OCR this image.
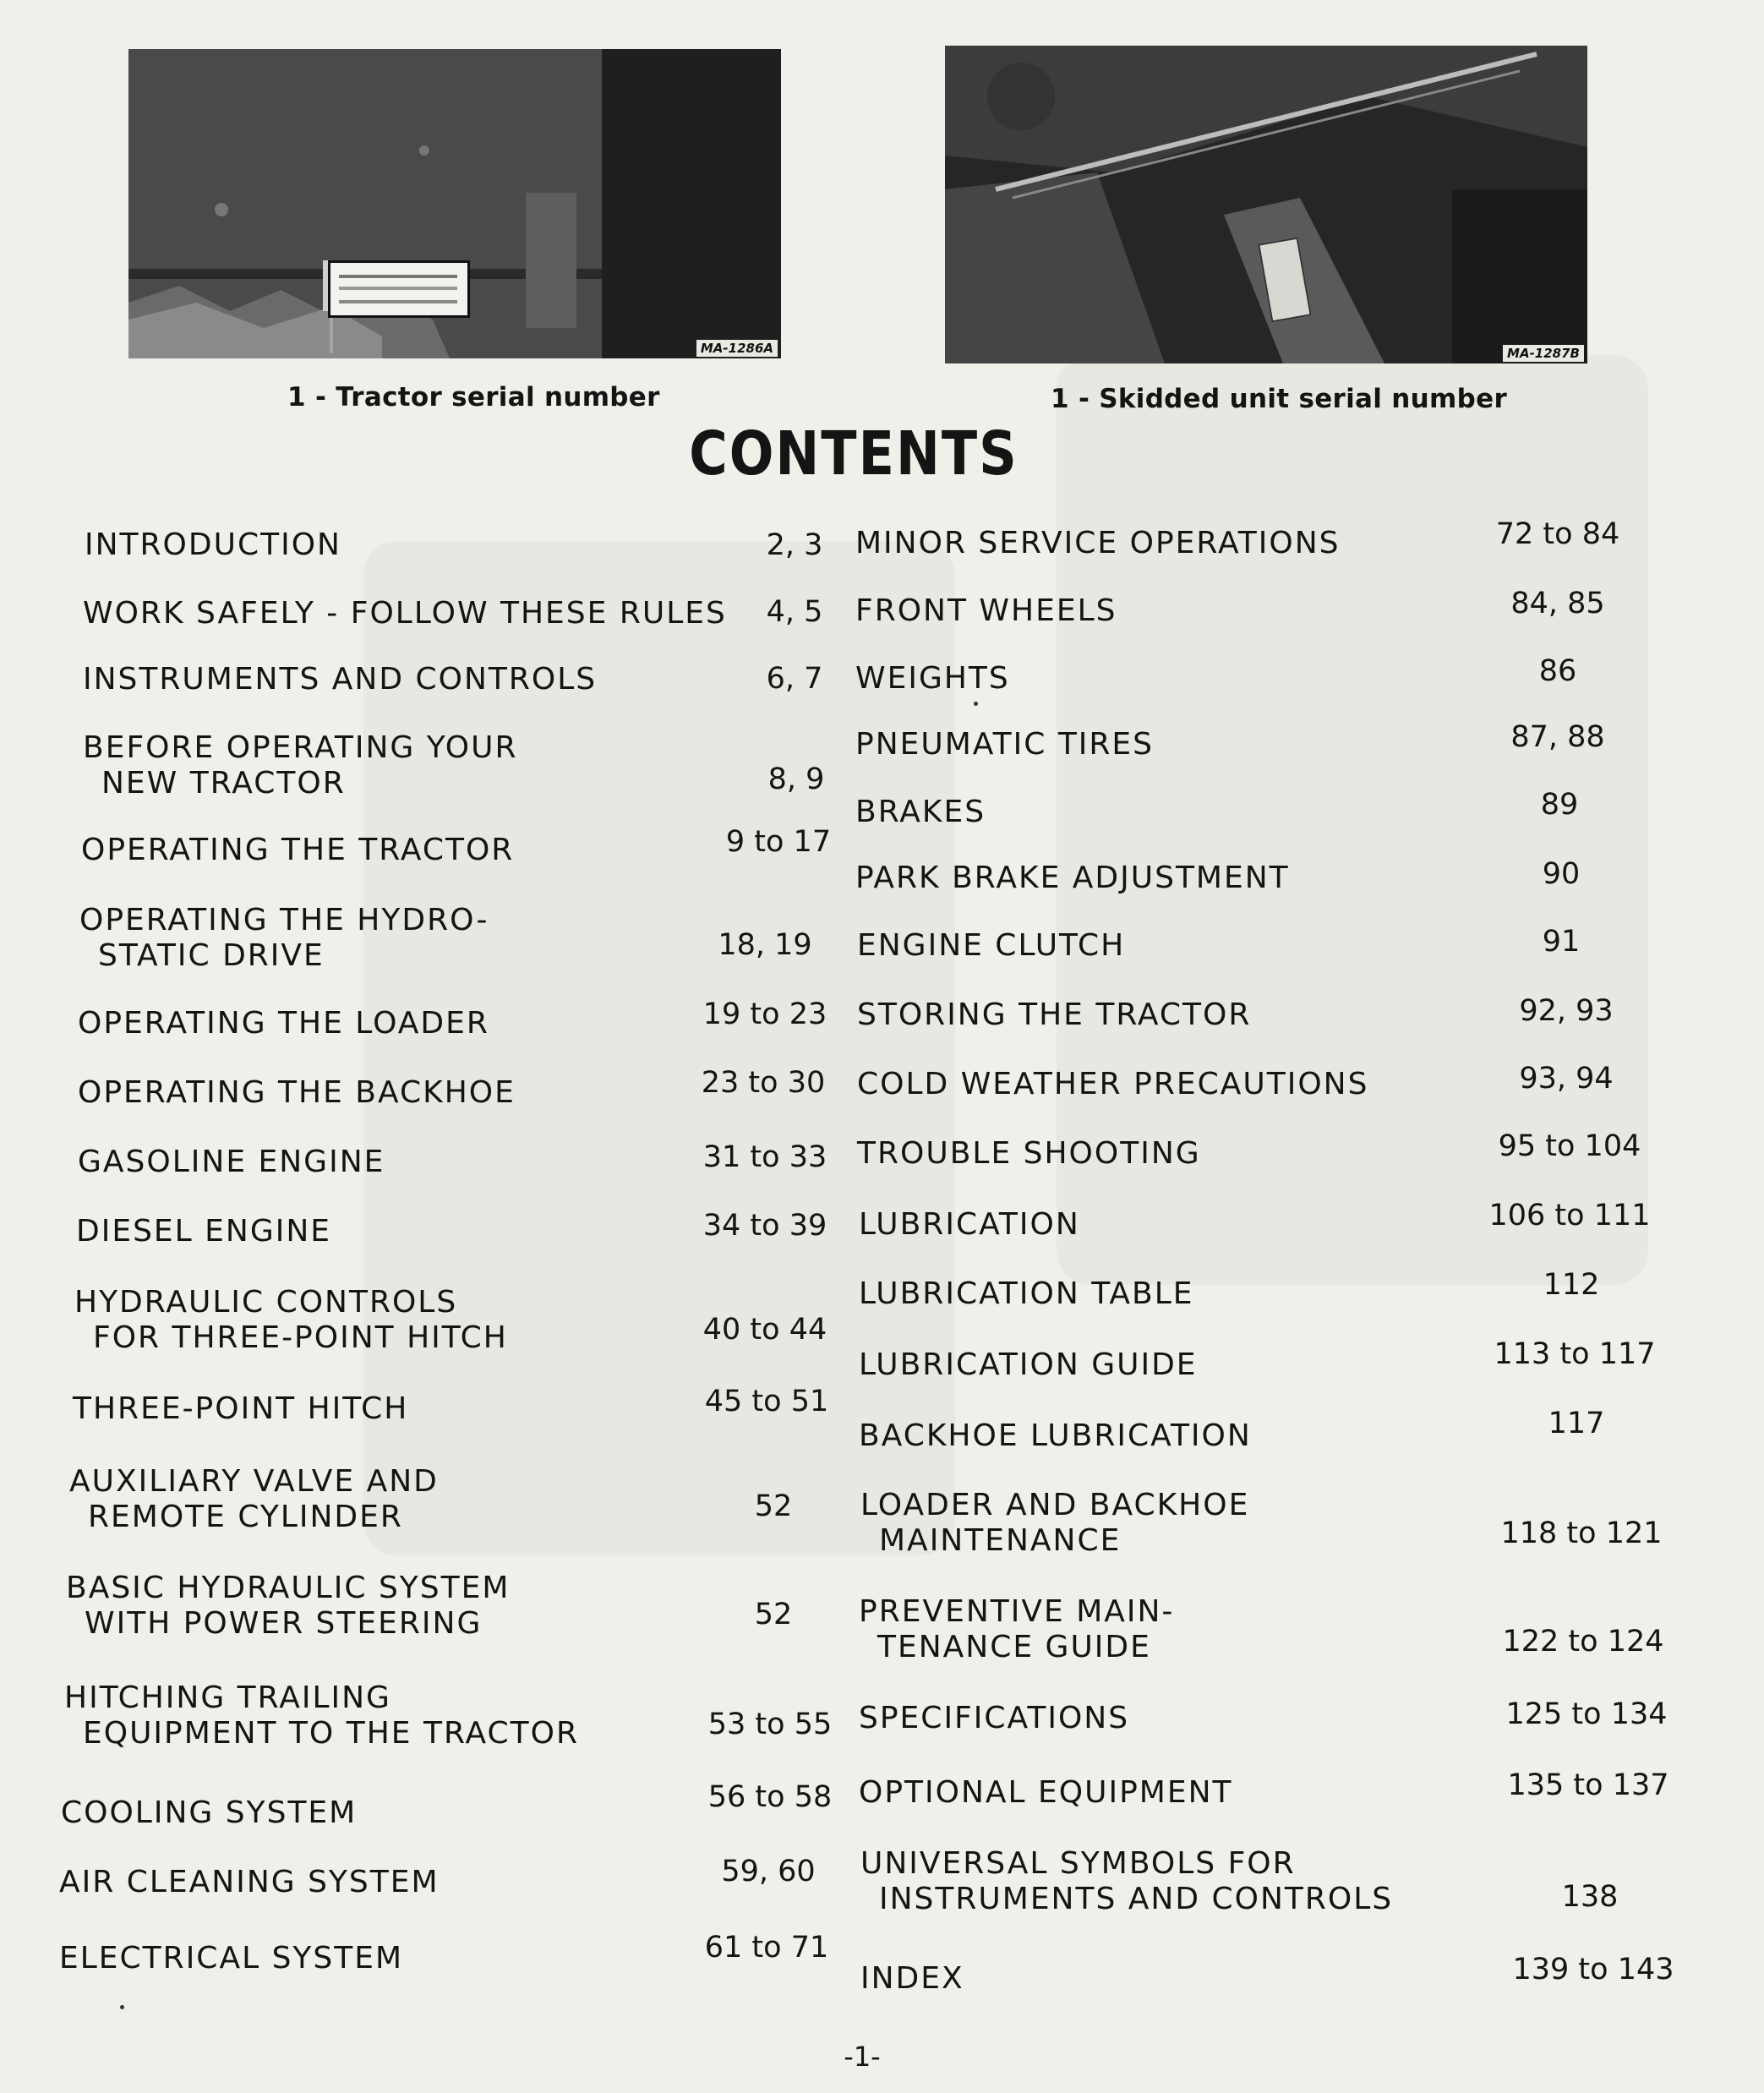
MA-1286A
1 - Tractor serial number
MA-1287B
1 - Skidded unit serial number
CONTENTS
INTRODUCTION	2, 3
WORK SAFELY - FOLLOW THESE RULES	4, 5
INSTRUMENTS AND CONTROLS	6, 7
BEFORE OPERATING YOUR
NEW TRACTOR	8, 9
OPERATING THE TRACTOR	9 to 17
OPERATING THE HYDRO-
STATIC DRIVE	18, 19
OPERATING THE LOADER	19 to 23
OPERATING THE BACKHOE	23 to 30
GASOLINE ENGINE	31 to 33
DIESEL ENGINE	34 to 39
HYDRAULIC CONTROLS
FOR THREE-POINT HITCH	40 to 44
THREE-POINT HITCH	45 to 51
AUXILIARY VALVE AND
REMOTE CYLINDER	52
BASIC HYDRAULIC SYSTEM
WITH POWER STEERING	52
HITCHING TRAILING
EQUIPMENT TO THE TRACTOR	53 to 55
COOLING SYSTEM	56 to 58
AIR CLEANING SYSTEM	59, 60
ELECTRICAL SYSTEM	61 to 71
MINOR SERVICE OPERATIONS	72 to 84
FRONT WHEELS	84, 85
WEIGHTS	86
PNEUMATIC TIRES	87, 88
BRAKES	89
PARK BRAKE ADJUSTMENT	90
ENGINE CLUTCH	91
STORING THE TRACTOR	92, 93
COLD WEATHER PRECAUTIONS	93, 94
TROUBLE SHOOTING	95 to 104
LUBRICATION	106 to 111
LUBRICATION TABLE	112
LUBRICATION GUIDE	113 to 117
BACKHOE LUBRICATION	117
LOADER AND BACKHOE
MAINTENANCE	118 to 121
PREVENTIVE MAIN-
TENANCE GUIDE	122 to 124
SPECIFICATIONS	125 to 134
OPTIONAL EQUIPMENT	135 to 137
UNIVERSAL SYMBOLS FOR
INSTRUMENTS AND CONTROLS	138
INDEX	139 to 143
-1-
